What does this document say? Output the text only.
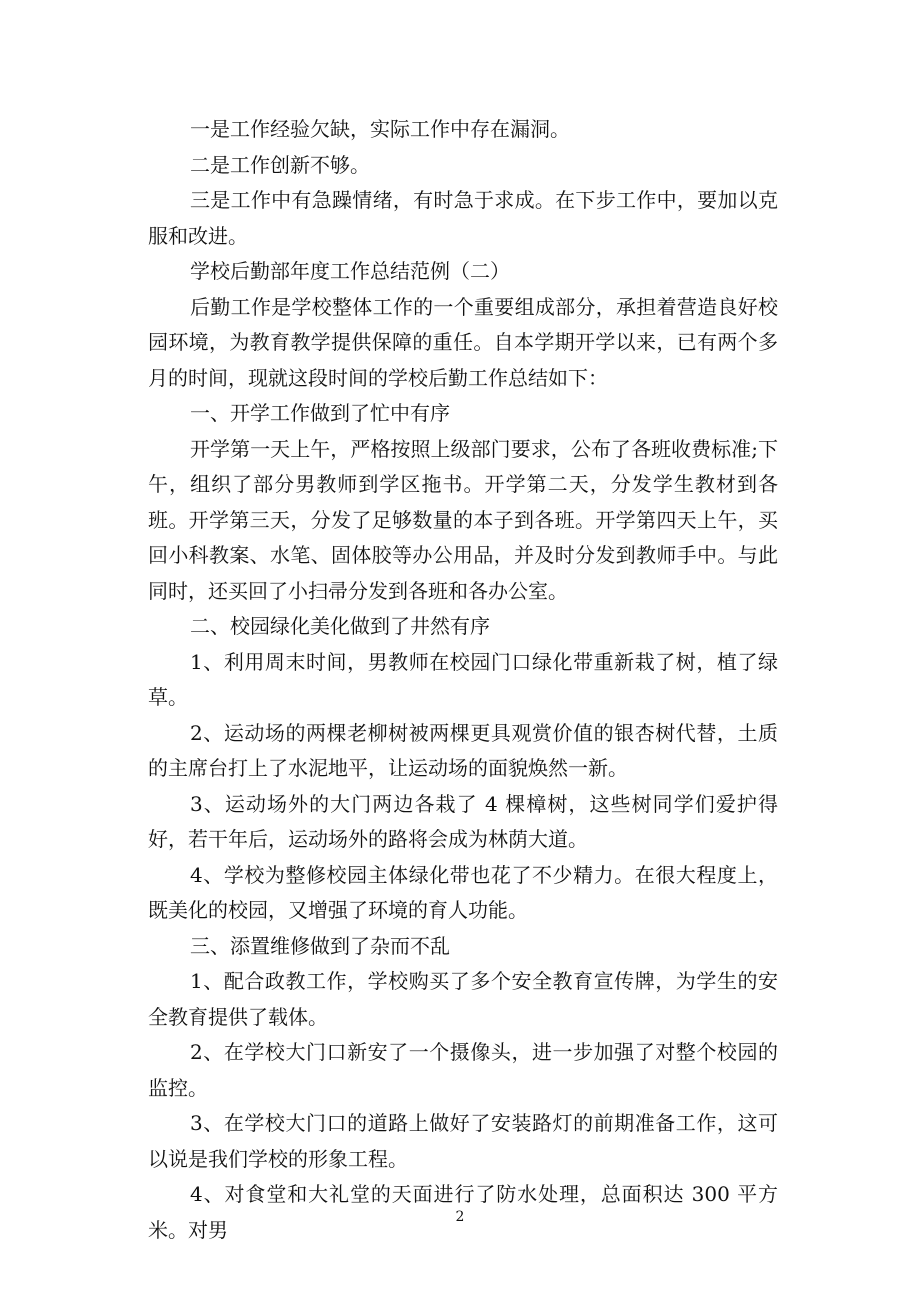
一是工作经验欠缺，实际工作中存在漏洞。

二是工作创新不够。

三是工作中有急躁情绪，有时急于求成。在下步工作中，要加以克服和改进。

学校后勤部年度工作总结范例（二）

后勤工作是学校整体工作的一个重要组成部分，承担着营造良好校园环境，为教育教学提供保障的重任。自本学期开学以来，已有两个多月的时间，现就这段时间的学校后勤工作总结如下：

一、开学工作做到了忙中有序

开学第一天上午，严格按照上级部门要求，公布了各班收费标准;下午，组织了部分男教师到学区拖书。开学第二天，分发学生教材到各班。开学第三天，分发了足够数量的本子到各班。开学第四天上午，买回小科教案、水笔、固体胶等办公用品，并及时分发到教师手中。与此同时，还买回了小扫帚分发到各班和各办公室。

二、校园绿化美化做到了井然有序

1、利用周末时间，男教师在校园门口绿化带重新栽了树，植了绿草。

2、运动场的两棵老柳树被两棵更具观赏价值的银杏树代替，土质的主席台打上了水泥地平，让运动场的面貌焕然一新。

3、运动场外的大门两边各栽了 4 棵樟树，这些树同学们爱护得好，若干年后，运动场外的路将会成为林荫大道。

4、学校为整修校园主体绿化带也花了不少精力。在很大程度上，既美化的校园，又增强了环境的育人功能。

三、添置维修做到了杂而不乱

1、配合政教工作，学校购买了多个安全教育宣传牌，为学生的安全教育提供了载体。

2、在学校大门口新安了一个摄像头，进一步加强了对整个校园的监控。

3、在学校大门口的道路上做好了安装路灯的前期准备工作，这可以说是我们学校的形象工程。

4、对食堂和大礼堂的天面进行了防水处理，总面积达 300 平方米。对男

2
